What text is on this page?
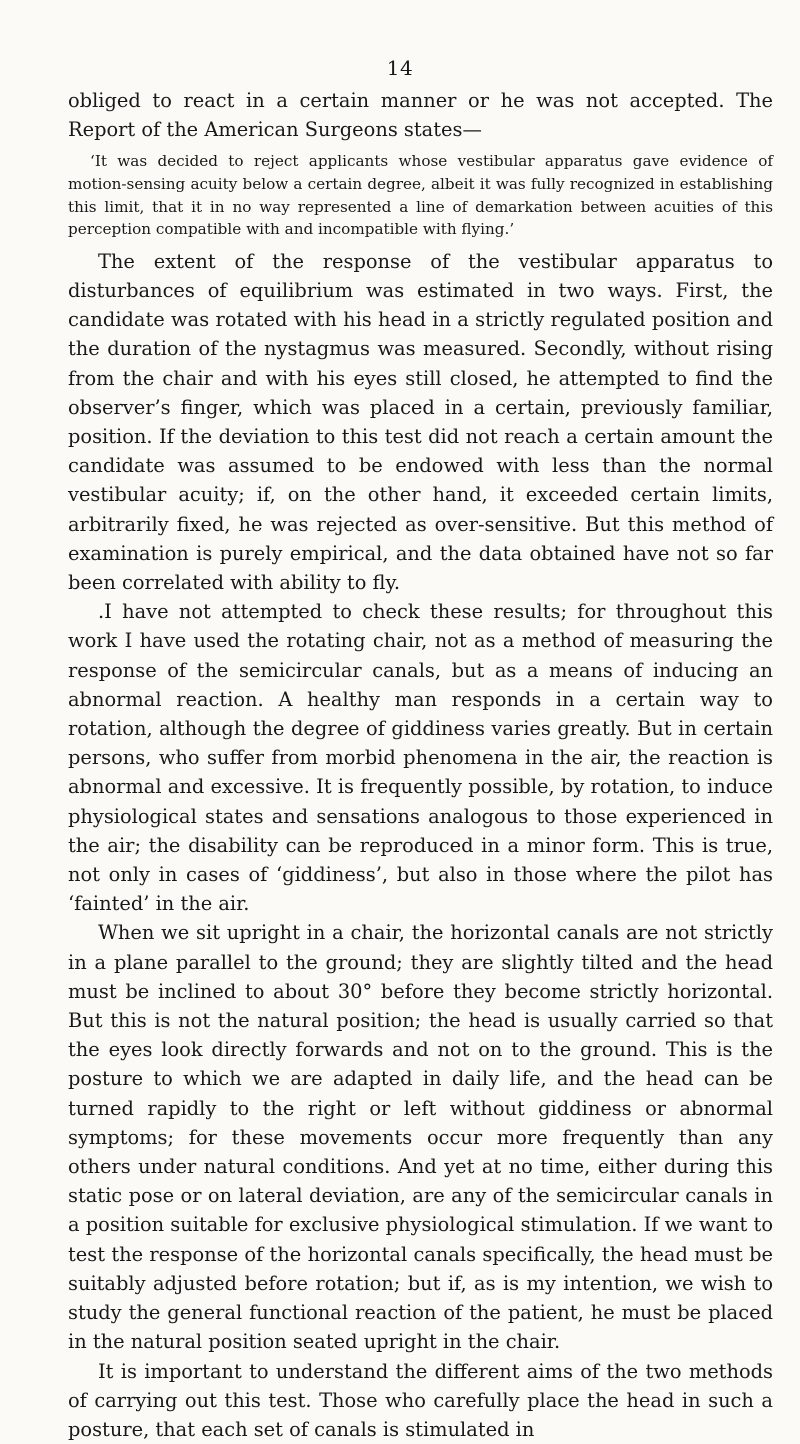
14

obliged to react in a certain manner or he was not accepted. The Report of the American Surgeons states—

‘It was decided to reject applicants whose vestibular apparatus gave evidence of motion-sensing acuity below a certain degree, albeit it was fully recognized in establishing this limit, that it in no way represented a line of demarkation between acuities of this perception compatible with and incompatible with flying.’

The extent of the response of the vestibular apparatus to disturbances of equilibrium was estimated in two ways. First, the candidate was rotated with his head in a strictly regulated position and the duration of the nystagmus was measured. Secondly, without rising from the chair and with his eyes still closed, he attempted to find the observer’s finger, which was placed in a certain, previously familiar, position. If the deviation to this test did not reach a certain amount the candidate was assumed to be endowed with less than the normal vestibular acuity; if, on the other hand, it exceeded certain limits, arbitrarily fixed, he was rejected as over-sensitive. But this method of examination is purely empirical, and the data obtained have not so far been correlated with ability to fly.

.I have not attempted to check these results; for throughout this work I have used the rotating chair, not as a method of measuring the response of the semicircular canals, but as a means of inducing an abnormal reaction. A healthy man responds in a certain way to rotation, although the degree of giddiness varies greatly. But in certain persons, who suffer from morbid phenomena in the air, the reaction is abnormal and excessive. It is frequently possible, by rotation, to induce physiological states and sensations analogous to those experienced in the air; the disability can be reproduced in a minor form. This is true, not only in cases of ‘giddiness’, but also in those where the pilot has ‘fainted’ in the air.

When we sit upright in a chair, the horizontal canals are not strictly in a plane parallel to the ground; they are slightly tilted and the head must be inclined to about 30° before they become strictly horizontal. But this is not the natural position; the head is usually carried so that the eyes look directly forwards and not on to the ground. This is the posture to which we are adapted in daily life, and the head can be turned rapidly to the right or left without giddiness or abnormal symptoms; for these movements occur more frequently than any others under natural conditions. And yet at no time, either during this static pose or on lateral deviation, are any of the semicircular canals in a position suitable for exclusive physiological stimulation. If we want to test the response of the horizontal canals specifically, the head must be suitably adjusted before rotation; but if, as is my intention, we wish to study the general functional reaction of the patient, he must be placed in the natural position seated upright in the chair.

It is important to understand the different aims of the two methods of carrying out this test. Those who carefully place the head in such a posture, that each set of canals is stimulated in
